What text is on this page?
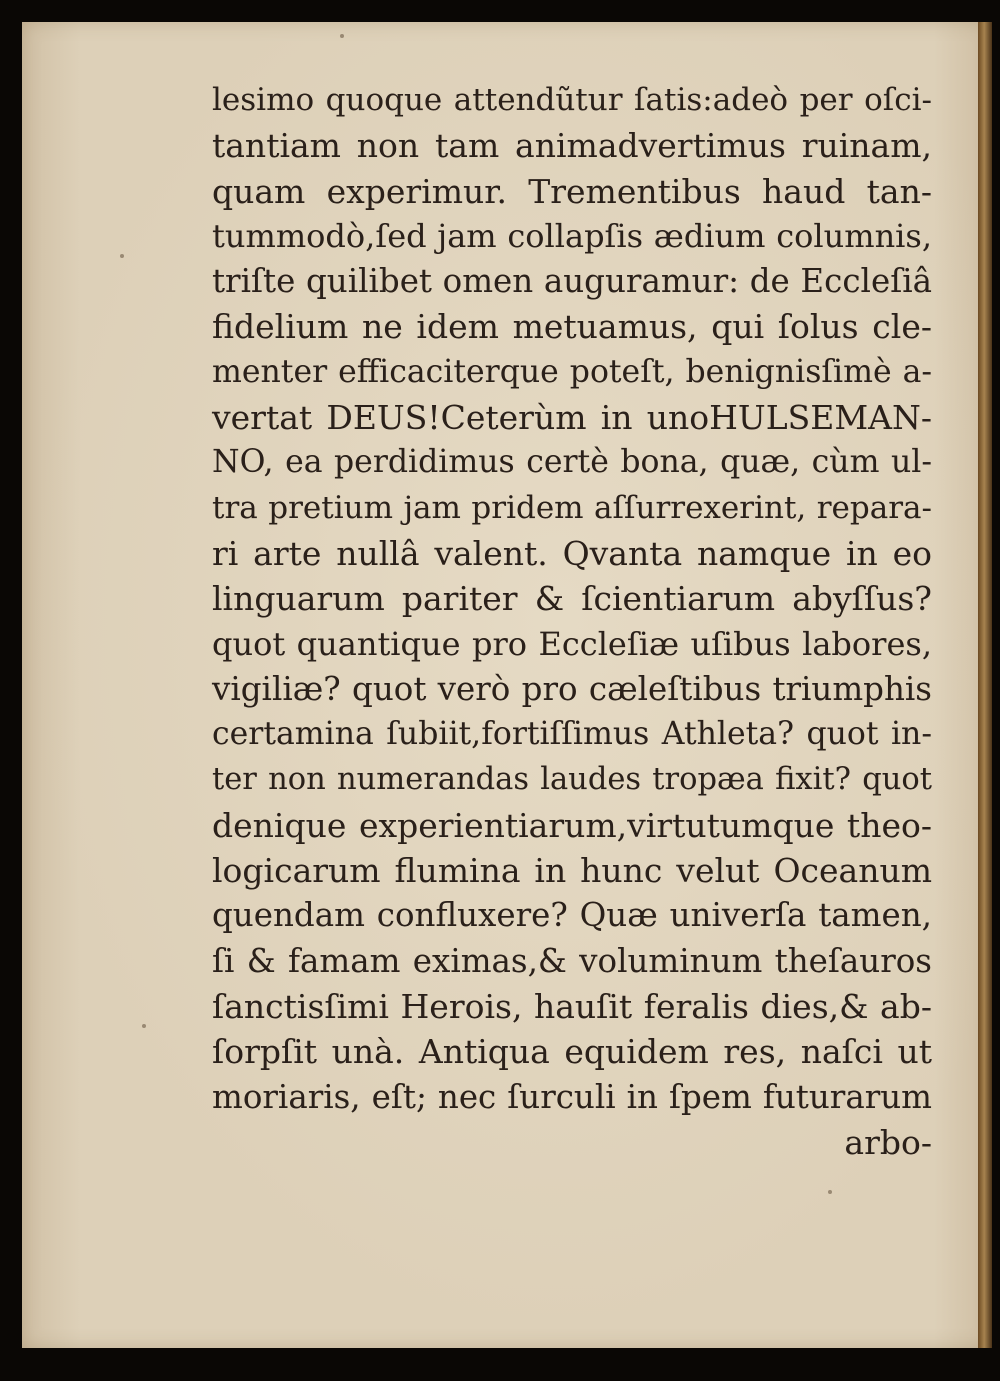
lesimo quoque attendũtur ſatis:adeò per oſci-
tantiam non tam animadvertimus ruinam,
quam experimur. Trementibus haud tan-
tummodò,ſed jam collapſis ædium columnis,
triſte quilibet omen auguramur: de Eccleſiâ
fidelium ne idem metuamus, qui ſolus cle-
menter efficaciterque poteſt, benignisſimè a-
vertat DEUS!Ceterùm in unoHULSEMAN-
NO, ea perdidimus certè bona, quæ, cùm ul-
tra pretium jam pridem aſſurrexerint, repara-
ri arte nullâ valent. Qvanta namque in eo
linguarum pariter & ſcientiarum abyſſus?
quot quantique pro Eccleſiæ uſibus labores,
vigiliæ? quot verò pro cæleſtibus triumphis
certamina ſubiit,fortiſſimus Athleta? quot in-
ter non numerandas laudes tropæa fixit? quot
denique experientiarum,virtutumque theo-
logicarum flumina in hunc velut Oceanum
quendam confluxere? Quæ univerſa tamen,
ſi & famam eximas,& voluminum theſauros
ſanctisſimi Herois, hauſit feralis dies,& ab-
ſorpſit unà. Antiqua equidem res, naſci ut
moriaris, eſt; nec ſurculi in ſpem futurarum
arbo-
